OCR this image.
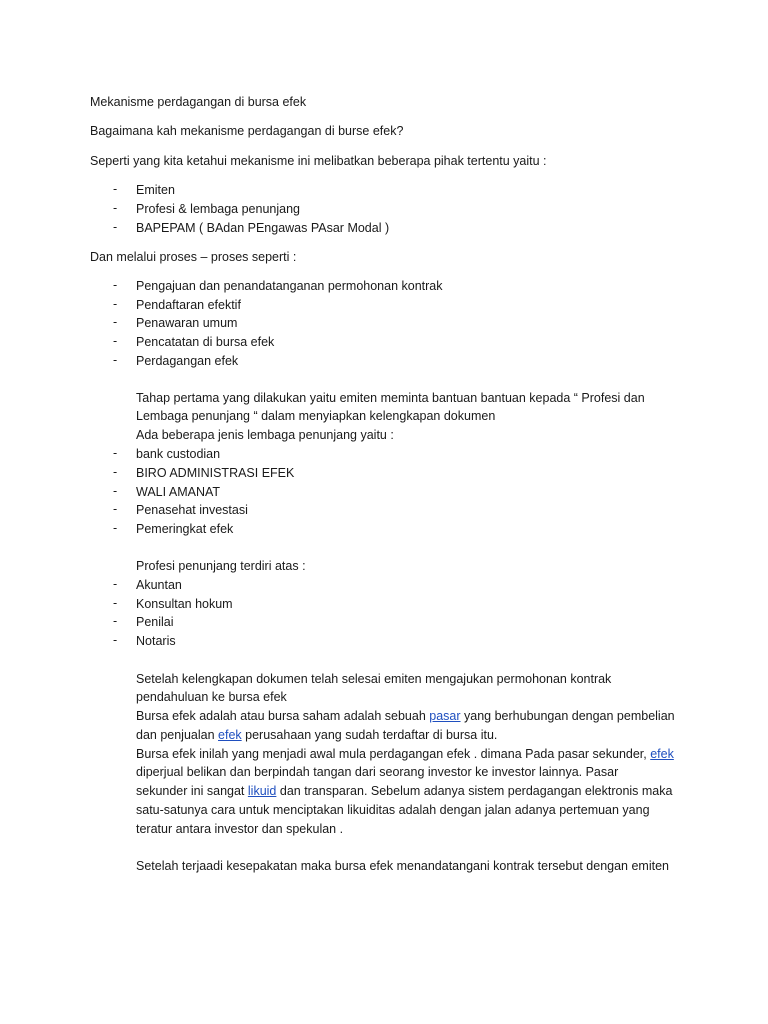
Mekanisme perdagangan di bursa efek
Bagaimana kah mekanisme perdagangan di burse efek?
Seperti yang kita ketahui mekanisme ini melibatkan beberapa pihak tertentu yaitu :
- Emiten
- Profesi & lembaga penunjang
- BAPEPAM ( BAdan PEngawas PAsar Modal )
Dan melalui proses – proses seperti :
- Pengajuan dan penandatanganan permohonan kontrak
- Pendaftaran efektif
- Penawaran umum
- Pencatatan di bursa efek
- Perdagangan efek
Tahap pertama yang dilakukan yaitu emiten meminta bantuan bantuan kepada “ Profesi dan
Lembaga penunjang “ dalam menyiapkan kelengkapan dokumen
Ada beberapa jenis lembaga penunjang yaitu :
- bank custodian
- BIRO ADMINISTRASI EFEK
- WALI AMANAT
- Penasehat investasi
- Pemeringkat efek
Profesi penunjang terdiri atas :
- Akuntan
- Konsultan hokum
- Penilai
- Notaris
Setelah kelengkapan dokumen telah selesai emiten mengajukan permohonan kontrak
pendahuluan ke bursa efek
Bursa efek adalah atau bursa saham adalah sebuah pasar yang berhubungan dengan pembelian
dan penjualan efek perusahaan yang sudah terdaftar di bursa itu.
Bursa efek inilah yang menjadi awal mula perdagangan efek . dimana Pada pasar sekunder, efek
diperjual belikan dan berpindah tangan dari seorang investor ke investor lainnya. Pasar
sekunder ini sangat likuid dan transparan. Sebelum adanya sistem perdagangan elektronis maka
satu-satunya cara untuk menciptakan likuiditas adalah dengan jalan adanya pertemuan yang
teratur antara investor dan spekulan .
Setelah terjaadi kesepakatan maka bursa efek menandatangani kontrak tersebut dengan emiten
